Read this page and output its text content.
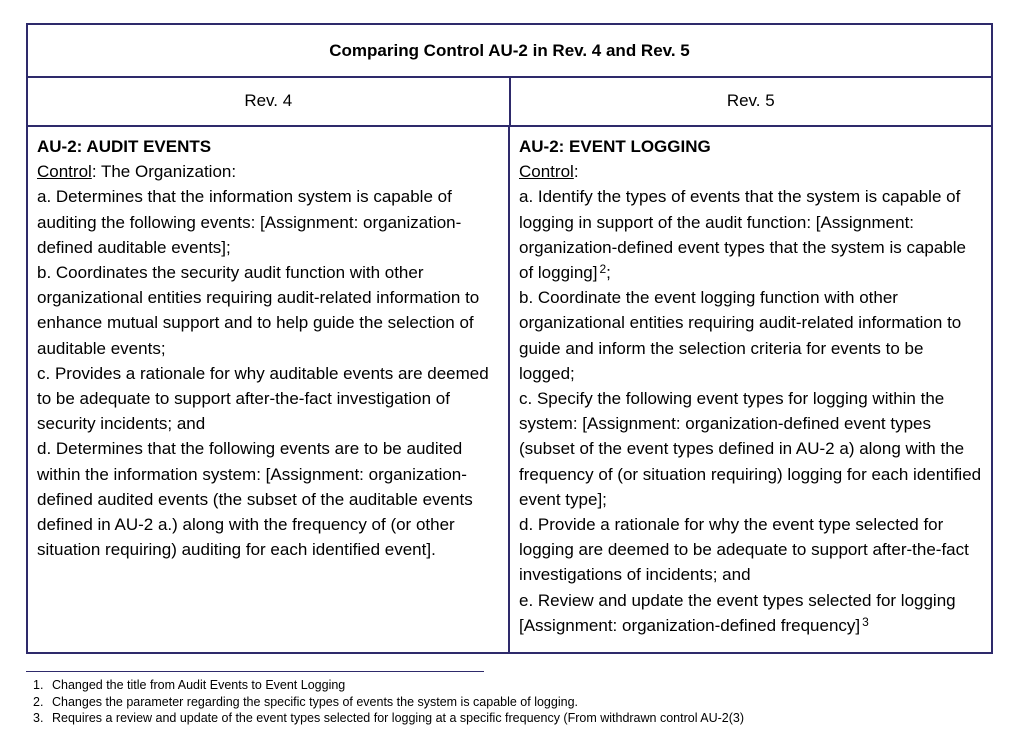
Comparing Control AU-2 in Rev. 4 and Rev. 5
Rev. 4	Rev. 5

AU-2: AUDIT EVENTS

Control: The Organization:

a. Determines that the information system is capable of auditing the following events: [Assignment: organization-defined auditable events];

b. Coordinates the security audit function with other organizational entities requiring audit-related information to enhance mutual support and to help guide the selection of auditable events;

c. Provides a rationale for why auditable events are deemed to be adequate to support after-the-fact investigation of security incidents; and

d. Determines that the following events are to be audited within the information system: [Assignment: organization-defined audited events (the subset of the auditable events defined in AU-2 a.) along with the frequency of (or other situation requiring) auditing for each identified event].

AU-2: EVENT LOGGING

Control:

a. Identify the types of events that the system is capable of logging in support of the audit function: [Assignment: organization-defined event types that the system is capable of logging] $^2$;

b. Coordinate the event logging function with other organizational entities requiring audit-related information to guide and inform the selection criteria for events to be logged;

c. Specify the following event types for logging within the system: [Assignment: organization-defined event types (subset of the event types defined in AU-2 a) along with the frequency of (or situation requiring) logging for each identified event type];

d. Provide a rationale for why the event type selected for logging are deemed to be adequate to support after-the-fact investigations of incidents; and

e. Review and update the event types selected for logging [Assignment: organization-defined frequency] $^3$

1. Changed the title from Audit Events to Event Logging
2. Changes the parameter regarding the specific types of events the system is capable of logging.
3. Requires a review and update of the event types selected for logging at a specific frequency (From withdrawn control AU-2(3)
